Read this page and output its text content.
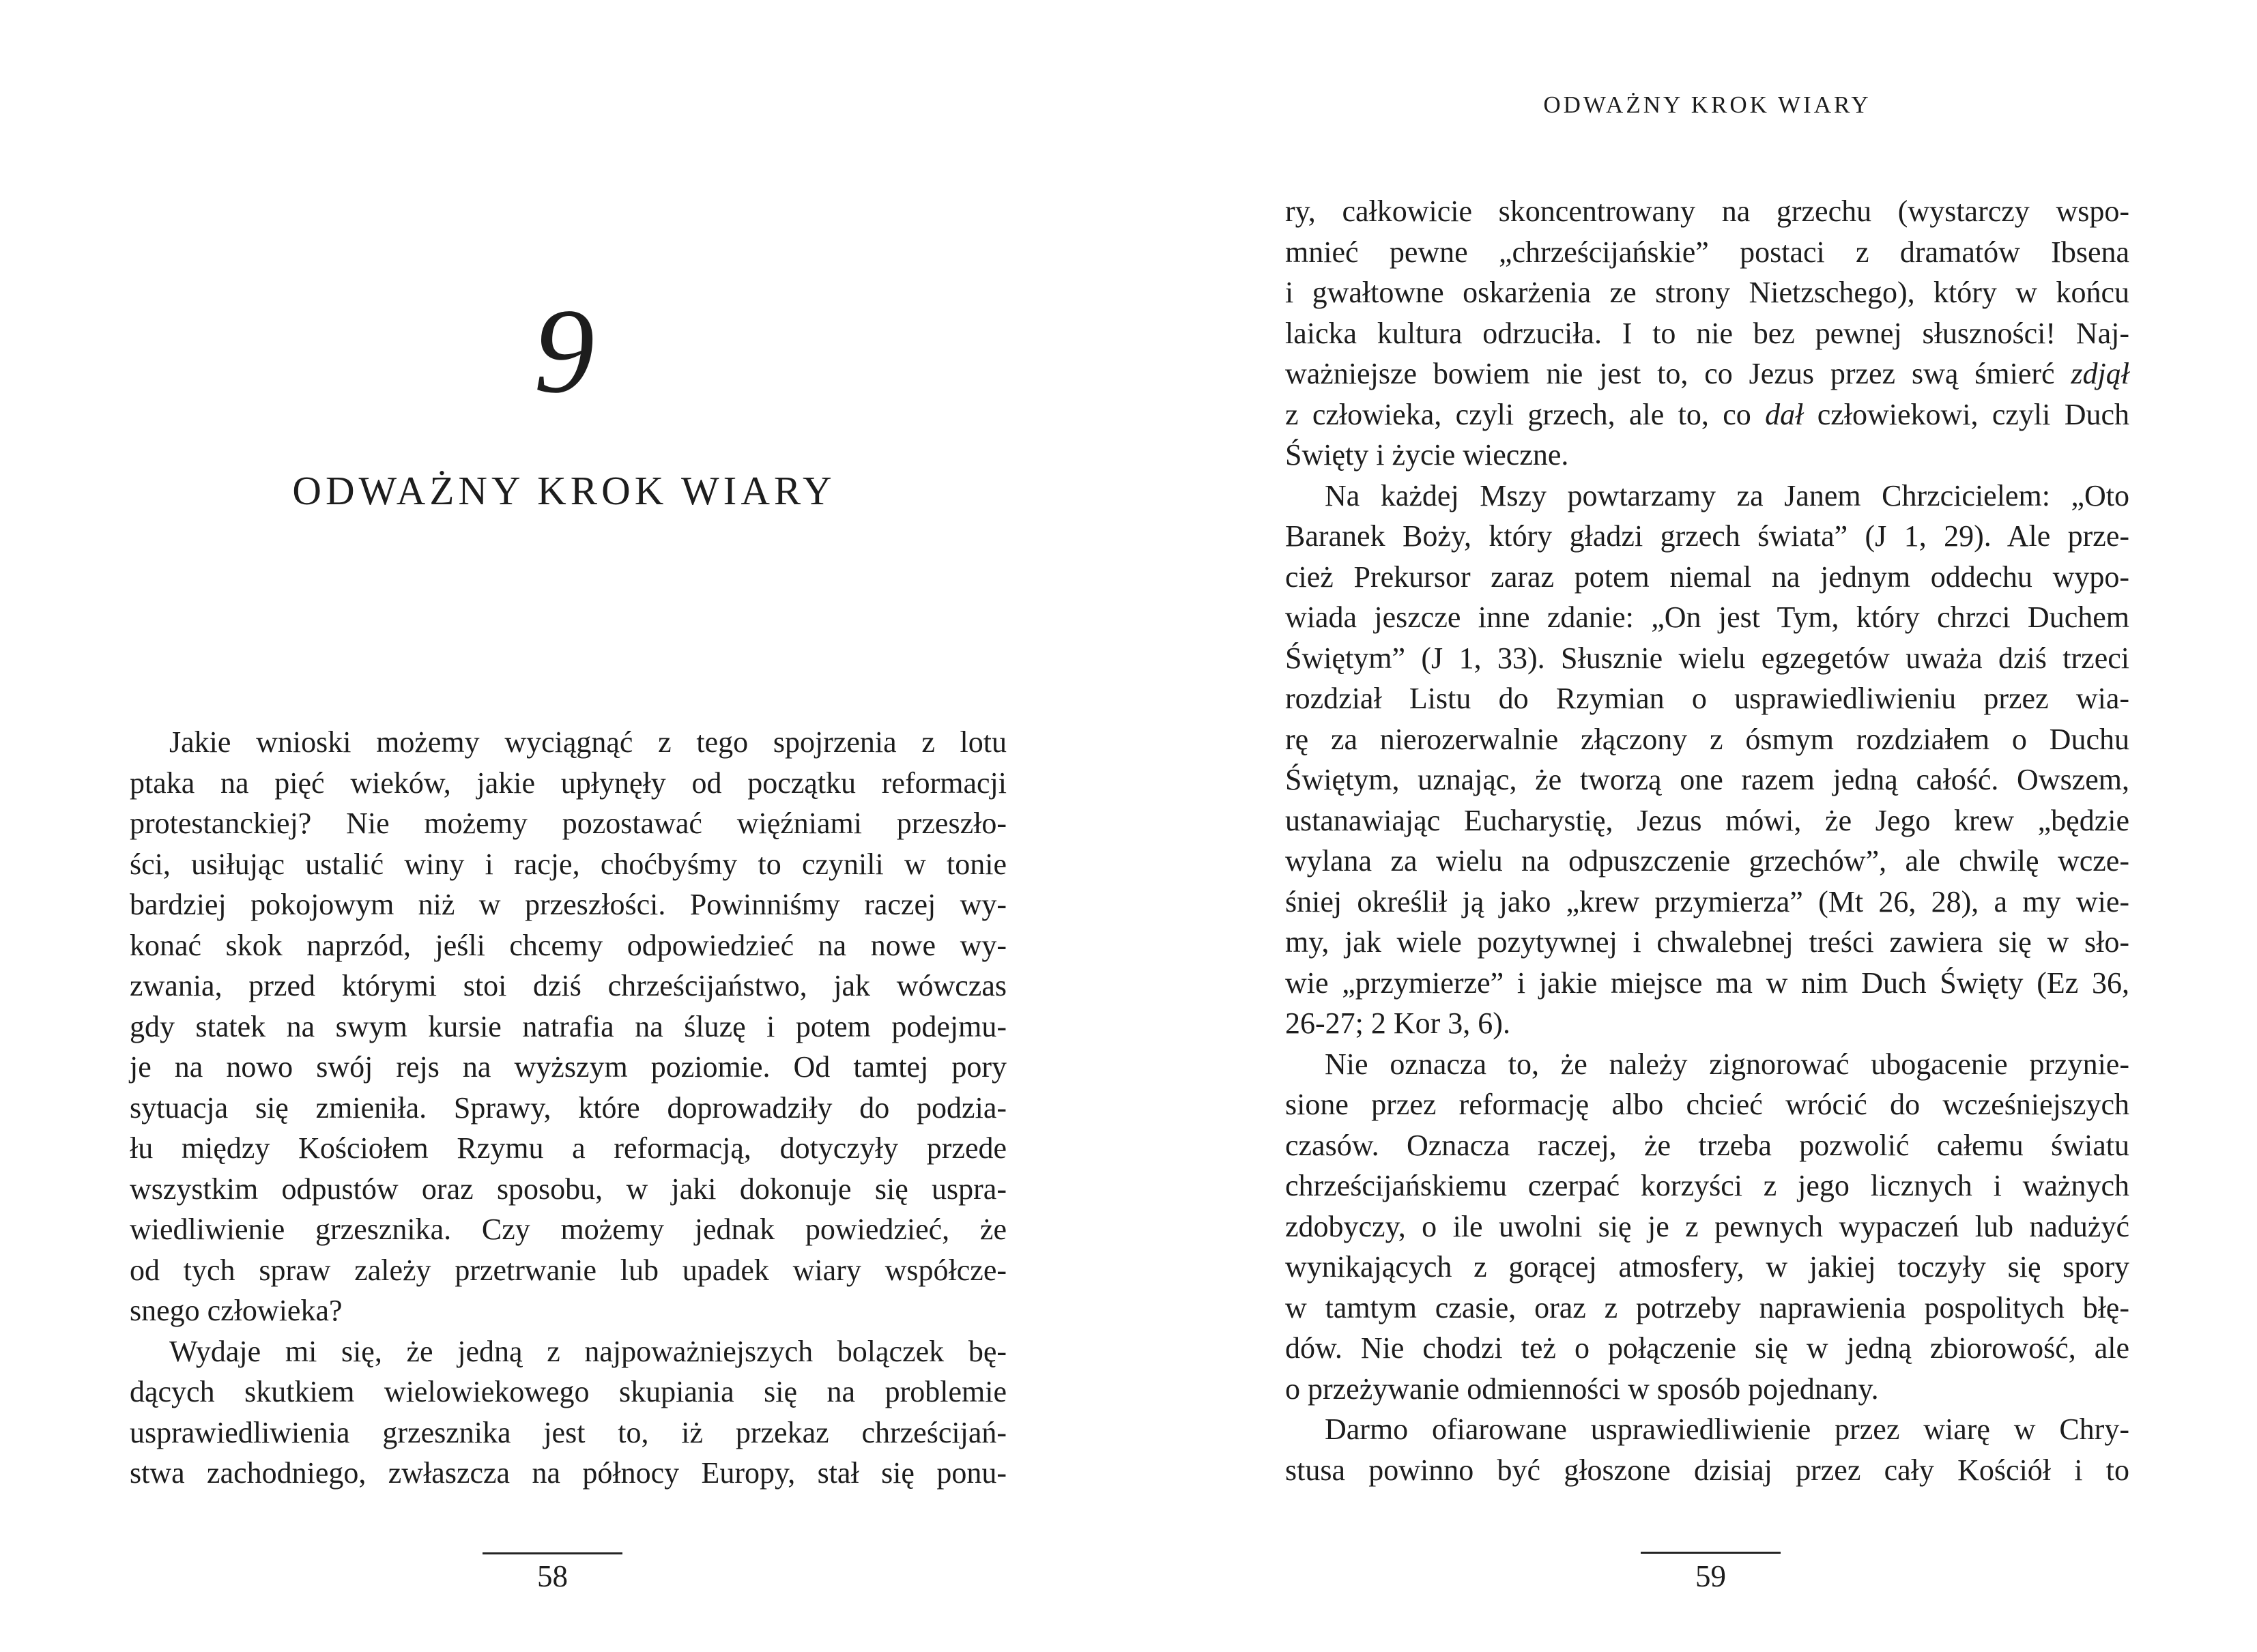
9
ODWAŻNY KROK WIARY
Jakie wnioski możemy wyciągnąć z tego spojrzenia z lotu
ptaka na pięć wieków, jakie upłynęły od początku reformacji
protestanckiej? Nie możemy pozostawać więźniami przeszło-
ści, usiłując ustalić winy i racje, choćbyśmy to czynili w tonie
bardziej pokojowym niż w przeszłości. Powinniśmy raczej wy-
konać skok naprzód, jeśli chcemy odpowiedzieć na nowe wy-
zwania, przed którymi stoi dziś chrześcijaństwo, jak wówczas
gdy statek na swym kursie natrafia na śluzę i potem podejmu-
je na nowo swój rejs na wyższym poziomie. Od tamtej pory
sytuacja się zmieniła. Sprawy, które doprowadziły do podzia-
łu między Kościołem Rzymu a reformacją, dotyczyły przede
wszystkim odpustów oraz sposobu, w jaki dokonuje się uspra-
wiedliwienie grzesznika. Czy możemy jednak powiedzieć, że
od tych spraw zależy przetrwanie lub upadek wiary współcze-
snego człowieka?
Wydaje mi się, że jedną z najpoważniejszych bolączek bę-
dących skutkiem wielowiekowego skupiania się na problemie
usprawiedliwienia grzesznika jest to, iż przekaz chrześcijań-
stwa zachodniego, zwłaszcza na północy Europy, stał się ponu-
58
ODWAŻNY KROK WIARY
ry, całkowicie skoncentrowany na grzechu (wystarczy wspo-
mnieć pewne „chrześcijańskie” postaci z dramatów Ibsena
i gwałtowne oskarżenia ze strony Nietzschego), który w końcu
laicka kultura odrzuciła. I to nie bez pewnej słuszności! Naj-
ważniejsze bowiem nie jest to, co Jezus przez swą śmierć zdjął
z człowieka, czyli grzech, ale to, co dał człowiekowi, czyli Duch
Święty i życie wieczne.
Na każdej Mszy powtarzamy za Janem Chrzcicielem: „Oto
Baranek Boży, który gładzi grzech świata” (J 1, 29). Ale prze-
cież Prekursor zaraz potem niemal na jednym oddechu wypo-
wiada jeszcze inne zdanie: „On jest Tym, który chrzci Duchem
Świętym” (J 1, 33). Słusznie wielu egzegetów uważa dziś trzeci
rozdział Listu do Rzymian o usprawiedliwieniu przez wia-
rę za nierozerwalnie złączony z ósmym rozdziałem o Duchu
Świętym, uznając, że tworzą one razem jedną całość. Owszem,
ustanawiając Eucharystię, Jezus mówi, że Jego krew „będzie
wylana za wielu na odpuszczenie grzechów”, ale chwilę wcze-
śniej określił ją jako „krew przymierza” (Mt 26, 28), a my wie-
my, jak wiele pozytywnej i chwalebnej treści zawiera się w sło-
wie „przymierze” i jakie miejsce ma w nim Duch Święty (Ez 36,
26-27; 2 Kor 3, 6).
Nie oznacza to, że należy zignorować ubogacenie przynie-
sione przez reformację albo chcieć wrócić do wcześniejszych
czasów. Oznacza raczej, że trzeba pozwolić całemu światu
chrześcijańskiemu czerpać korzyści z jego licznych i ważnych
zdobyczy, o ile uwolni się je z pewnych wypaczeń lub nadużyć
wynikających z gorącej atmosfery, w jakiej toczyły się spory
w tamtym czasie, oraz z potrzeby naprawienia pospolitych błę-
dów. Nie chodzi też o połączenie się w jedną zbiorowość, ale
o przeżywanie odmienności w sposób pojednany.
Darmo ofiarowane usprawiedliwienie przez wiarę w Chry-
stusa powinno być głoszone dzisiaj przez cały Kościół i to
59
